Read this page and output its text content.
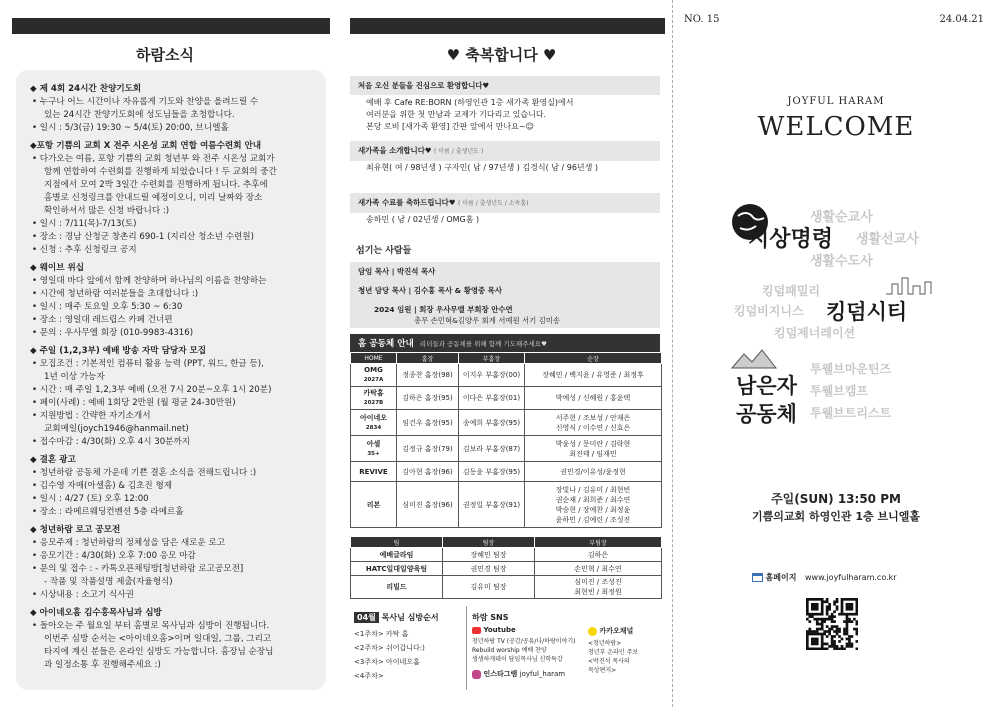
하람소식
◆ 제 4회 24시간 찬양기도회
• 누구나 어느 시간이나 자유롭게 기도와 찬양을 올려드릴 수
있는 24시간 찬양기도회에 성도님들을 초청합니다.
• 일시 : 5/3(금) 19:30 ~ 5/4(토) 20:00, 브니엘홀
◆포항 기쁨의 교회 X 전주 시온성 교회 연합 여름수련회 안내
• 다가오는 여름, 포항 기쁨의 교회 청년부 와 전주 시온성 교회가
함께 연합하여 수련회를 진행하게 되었습니다 ! 두 교회의 중간
지점에서 모여 2박 3일간 수련회를 진행하게 됩니다. 추후에
홈별로 신청링크를 안내드릴 예정이오니, 미리 날짜와 장소
확인하셔서 많은 신청 바랍니다 :)
• 일시 : 7/11(목)-7/13(토)
• 장소 : 경남 산청군 창촌리 690-1 (지리산 청소년 수련원)
• 신청 : 추후 신청링크 공지
◆ 웨이브 위십
• 영일대 바다 앞에서 함께 찬양하며 하나님의 이름을 찬양하는
• 시간에 청년하람 여러분들을 초대합니다 :)
• 일시 : 매주 토요일 오후 5:30 ~ 6:30
• 장소 : 영일대 레드립스 카페 건너편
• 문의 : 우사무엘 회장 (010-9983-4316)
◆ 주일 (1,2,3부) 예배 방송 자막 담당자 모집
• 모집조건 : 기본적인 컴퓨터 활용 능력 (PPT, 워드, 한글 등),
1년 이상 가능자
• 시간 : 매 주일 1,2,3부 예배 (오전 7시 20분~오후 1시 20분)
• 페이(사례) : 예배 1회당 2만원 (월 평균 24-30만원)
• 지원방법 : 간략한 자기소개서
교회메일(joych1946@hanmail.net)
• 접수마감 : 4/30(화) 오후 4시 30분까지
◆ 결혼 광고
• 청년하람 공동체 가운데 기쁜 결혼 소식을 전해드립니다 :)
• 김수영 자매(아셀홈) & 김초진 형제
• 일시 : 4/27 (토) 오후 12:00
• 장소 : 라메르웨딩컨벤션 5층 라메르홀
◆ 청년하람 로고 공모전
• 응모주제 : 청년하람의 정체성을 담은 새로운 로고
• 응모기간 : 4/30(화) 오후 7:00 응모 마감
• 문의 및 접수 : - 카톡오픈채팅방[청년하람 로고공모전]
- 작품 및 작품설명 제출(자율형식)
• 시상내용 : 소고기 식사권
◆ 아이네오홈 김수홍목사님과 심방
• 돌아오는 주 월요일 부터 홈별로 목사님과 심방이 진행됩니다.
이번주 심방 순서는 <아이네오홈>이며 일대일, 그룹, 그리고
타지에 계신 분들은 온라인 심방도 가능합니다. 홈장님 순장님
과 일정소통 후 진행해주세요 :)
♥ 축복합니다 ♥
처음 오신 분들을 진심으로 환영합니다♥
예배 후 Cafe RE:BORN (하영인관 1층 새가족 환영실)에서
여러분을 위한 첫 만남과 교제가 기다리고 있습니다.
본당 로비 [새가족 환영] 간판 앞에서 만나요~☺
새가족을 소개합니다♥ ( 이름 / 출생년도 )
최유현( 여 / 98년생 ) 구자민( 남 / 97년생 ) 김경식( 남 / 96년생 )
새가족 수료를 축하드립니다♥ ( 이름 / 출생년도 / 소속홈)
송하민 ( 남 / 02년생 / OMG홈 )
섬기는 사람들
담임 목사 | 박진석 목사
청년 담당 목사 | 김수홍 목사 & 황영중 목사
2024 임원 | 회장 우사무엘 부회장 안수연
총무 손민혁&김양우 회계 서예원 서기 김미송
홈 공동체 안내 리더들과 공동체를 위해 함께 기도해주세요♥
HOME	홈장	부홈장	순장
OMG
2027A	정종찬 홈장(98)	이지우 부홈장(00)	장혜민 / 백지윤 / 유영준 / 최정후
카탁홈
2027B	김하은 홈장(95)	이다은 부홈장(01)	박예성 / 신혜원 / 홍윤택
아이네오
2834	임건우 홈장(95)	송예희 부홈장(95)	서주현 / 조보성 / 안재은
신영식 / 이수연 / 신효은
아셀
35+	김정규 홈장(79)	김보라 부홈장(87)	박윤성 / 문미란 / 김락현
최진태 / 임재민
REVIVE	김아현 홈장(96)	김동윤 부홈장(95)	권민경/이유성/윤정현
리본	심미진 홈장(96)	권정일 부홈장(91)	장빛나 / 김유미 / 최현빈
권순재 / 최희준 / 최수연
박승현 / 장예찬 / 최정윤
윤하민 / 김예린 / 조성진
팀	팀장	부팀장
예배글라임	장혜민 팀장	김하은
HATC일대일양육팀	권민경 팀장	손민혁 / 최수연
리빌드	김유미 팀장	심미진 / 조성진
최현빈 / 최정원
04월 목사님 심방순서
<1주차> 카탁 홈
<2주차> 쉬어갑니다:)
<3주차> 아이네오홈
<4주차>
하람 SNS
Youtube
청년하람 TV (공감/공유/나/하람이야기)
Rebuild worship 예배 찬양
생생하개데이 담임목사님 신학특강
인스타그램 joyful_haram
카카오채널
<청년하람>
청년부 온라인 주보
<박진석 목사의
묵상편지>
NO. 15	24.04.21
JOYFUL HARAM
WELCOME
생활순교사
지상명령 생활선교사
생활수도사
킹덤패밀리
킹덤비지니스 킹덤시티
킹덤제너레이션
투웰브마운틴즈
남은자 투웰브캠프
공동체 투웰브트리스트
주일(SUN) 13:50 PM
기쁨의교회 하영인관 1층 브니엘홀
홈페이지 www.joyfulharam.co.kr
